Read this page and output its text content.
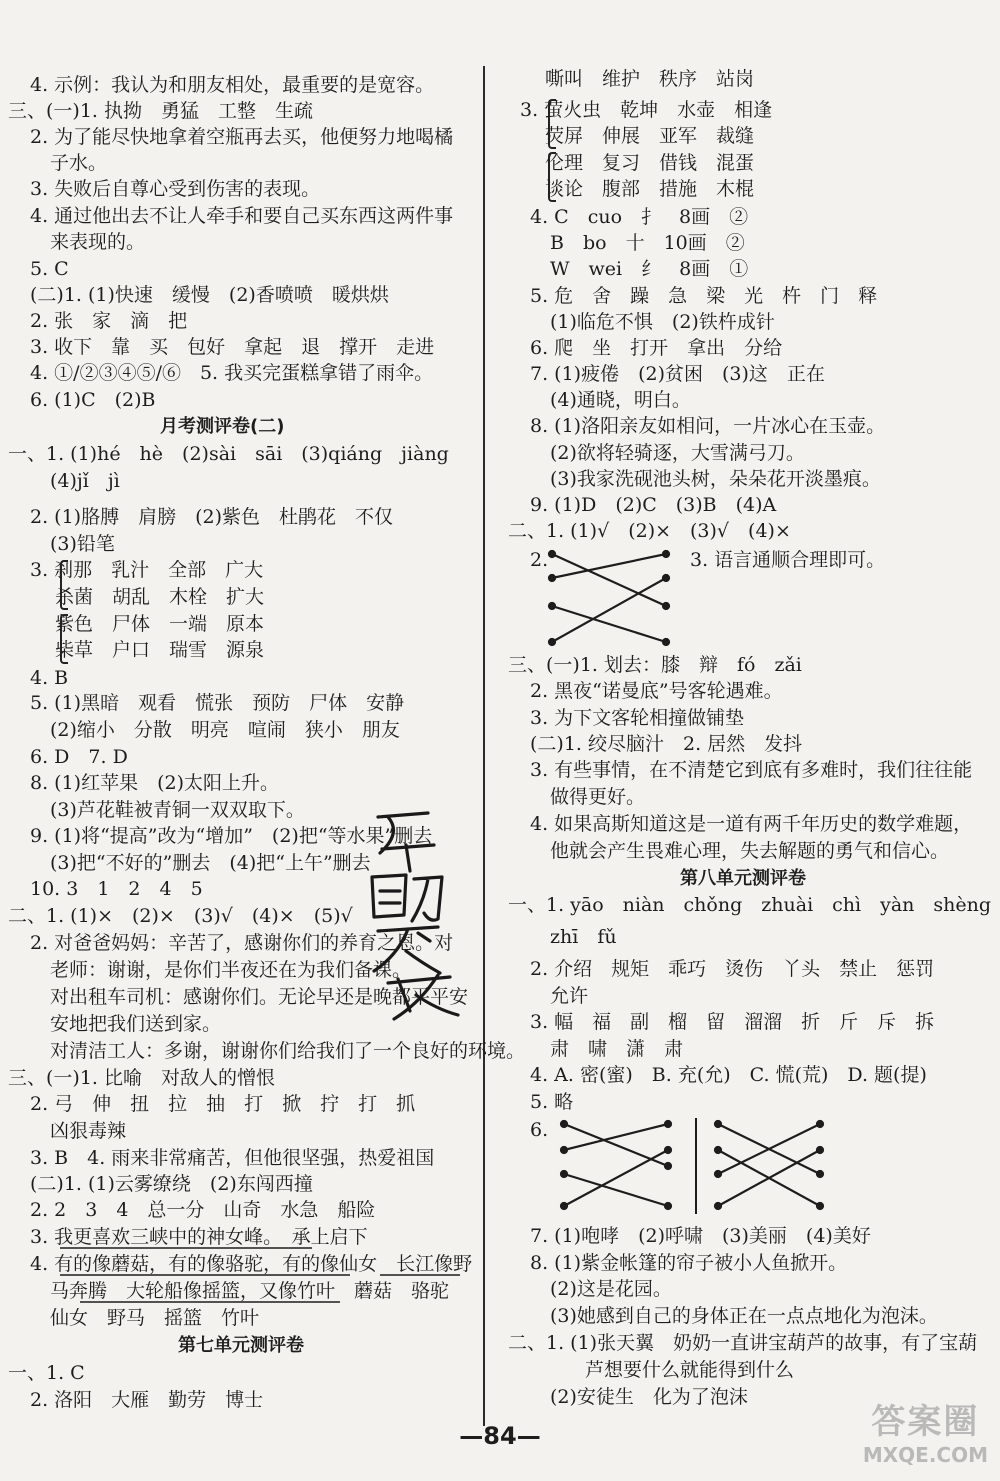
4. 示例：我认为和朋友相处，最重要的是宽容。
三、(一)1. 执拗　勇猛　工整　生疏
2. 为了能尽快地拿着空瓶再去买，他便努力地喝橘
子水。
3. 失败后自尊心受到伤害的表现。
4. 通过他出去不让人牵手和要自己买东西这两件事
来表现的。
5. C
(二)1. (1)快速　缓慢　(2)香喷喷　暖烘烘
2. 张　家　滴　把
3. 收下　靠　买　包好　拿起　退　撑开　走进
4. ①/②③④⑤/⑥　5. 我买完蛋糕拿错了雨伞。
6. (1)C　(2)B
月考测评卷(二)
一、1. (1)hé　hè　(2)sài　sāi　(3)qiáng　jiàng
(4)jǐ　jì
2. (1)胳膊　肩膀　(2)紫色　杜鹃花　不仅
(3)铅笔
3. 刹那　乳汁　全部　广大
　 杀菌　胡乱　木栓　扩大
　 紫色　尸体　一端　原本
　 柴草　户口　瑞雪　源泉
4. B
5. (1)黑暗　观看　慌张　预防　尸体　安静
(2)缩小　分散　明亮　喧闹　狭小　朋友
6. D　7. D
8. (1)红苹果　(2)太阳上升。
(3)芦花鞋被青铜一双双取下。
9. (1)将“提高”改为“增加”　(2)把“等水果”删去
(3)把“不好的”删去　(4)把“上午”删去
10. 3　1　2　4　5
二、1. (1)×　(2)×　(3)√　(4)×　(5)√
2. 对爸爸妈妈：辛苦了，感谢你们的养育之恩。对
老师：谢谢，是你们半夜还在为我们备课。
对出租车司机：感谢你们。无论早还是晚都平平安
安地把我们送到家。
对清洁工人：多谢，谢谢你们给我们了一个良好的环境。
三、(一)1. 比喻　对敌人的憎恨
2. 弓　伸　扭　拉　抽　打　掀　拧　打　抓
凶狠毒辣
3. B　4. 雨来非常痛苦，但他很坚强，热爱祖国
(二)1. (1)云雾缭绕　(2)东闯西撞
2. 2　3　4　总一分　山奇　水急　船险
3. 我更喜欢三峡中的神女峰。　承上启下
4. 有的像蘑菇，有的像骆驼，有的像仙女　长江像野
马奔腾　大轮船像摇篮，又像竹叶　蘑菇　骆驼
仙女　野马　摇篮　竹叶
第七单元测评卷
一、1. C
2. 洛阳　大雁　勤劳　博士
嘶叫　维护　秩序　站岗
3. 萤火虫　乾坤　水壶　相逢
　 荧屏　伸展　亚军　裁缝
　 伦理　复习　借钱　混蛋
　 谈论　腹部　措施　木棍
4. C　cuo　扌　8画　②
B　bo　十　10画　②
W　wei　纟　8画　①
5. 危　舍　躁　急　梁　光　杵　门　释
(1)临危不惧　(2)铁杵成针
6. 爬　坐　打开　拿出　分给
7. (1)疲倦　(2)贫困　(3)这　正在
(4)通晓，明白。
8. (1)洛阳亲友如相问，一片冰心在玉壶。
(2)欲将轻骑逐，大雪满弓刀。
(3)我家洗砚池头树，朵朵花开淡墨痕。
9. (1)D　(2)C　(3)B　(4)A
二、1. (1)√　(2)×　(3)√　(4)×
2.	3. 语言通顺合理即可。
三、(一)1. 划去：膝　辩　fó　zǎi
2. 黑夜“诺曼底”号客轮遇难。
3. 为下文客轮相撞做铺垫
(二)1. 绞尽脑汁　2. 居然　发抖
3. 有些事情，在不清楚它到底有多难时，我们往往能
做得更好。
4. 如果高斯知道这是一道有两千年历史的数学难题，
他就会产生畏难心理，失去解题的勇气和信心。
第八单元测评卷
一、1. yāo　niàn　chǒng　zhuài　chì　yàn　shèng
zhī　fǔ
2. 介绍　规矩　乖巧　烫伤　丫头　禁止　惩罚
允许
3. 幅　福　副　榴　留　溜溜　折　斤　斥　拆
肃　啸　潇　肃
4. A. 密(蜜)　B. 充(允)　C. 慌(荒)　D. 题(提)
5. 略
6.
7. (1)咆哮　(2)呼啸　(3)美丽　(4)美好
8. (1)紫金帐篷的帘子被小人鱼掀开。
(2)这是花园。
(3)她感到自己的身体正在一点点地化为泡沫。
二、1. (1)张天翼　奶奶一直讲宝葫芦的故事，有了宝葫
芦想要什么就能得到什么
(2)安徒生　化为了泡沫
—84—	答案圈
MXQE.COM
